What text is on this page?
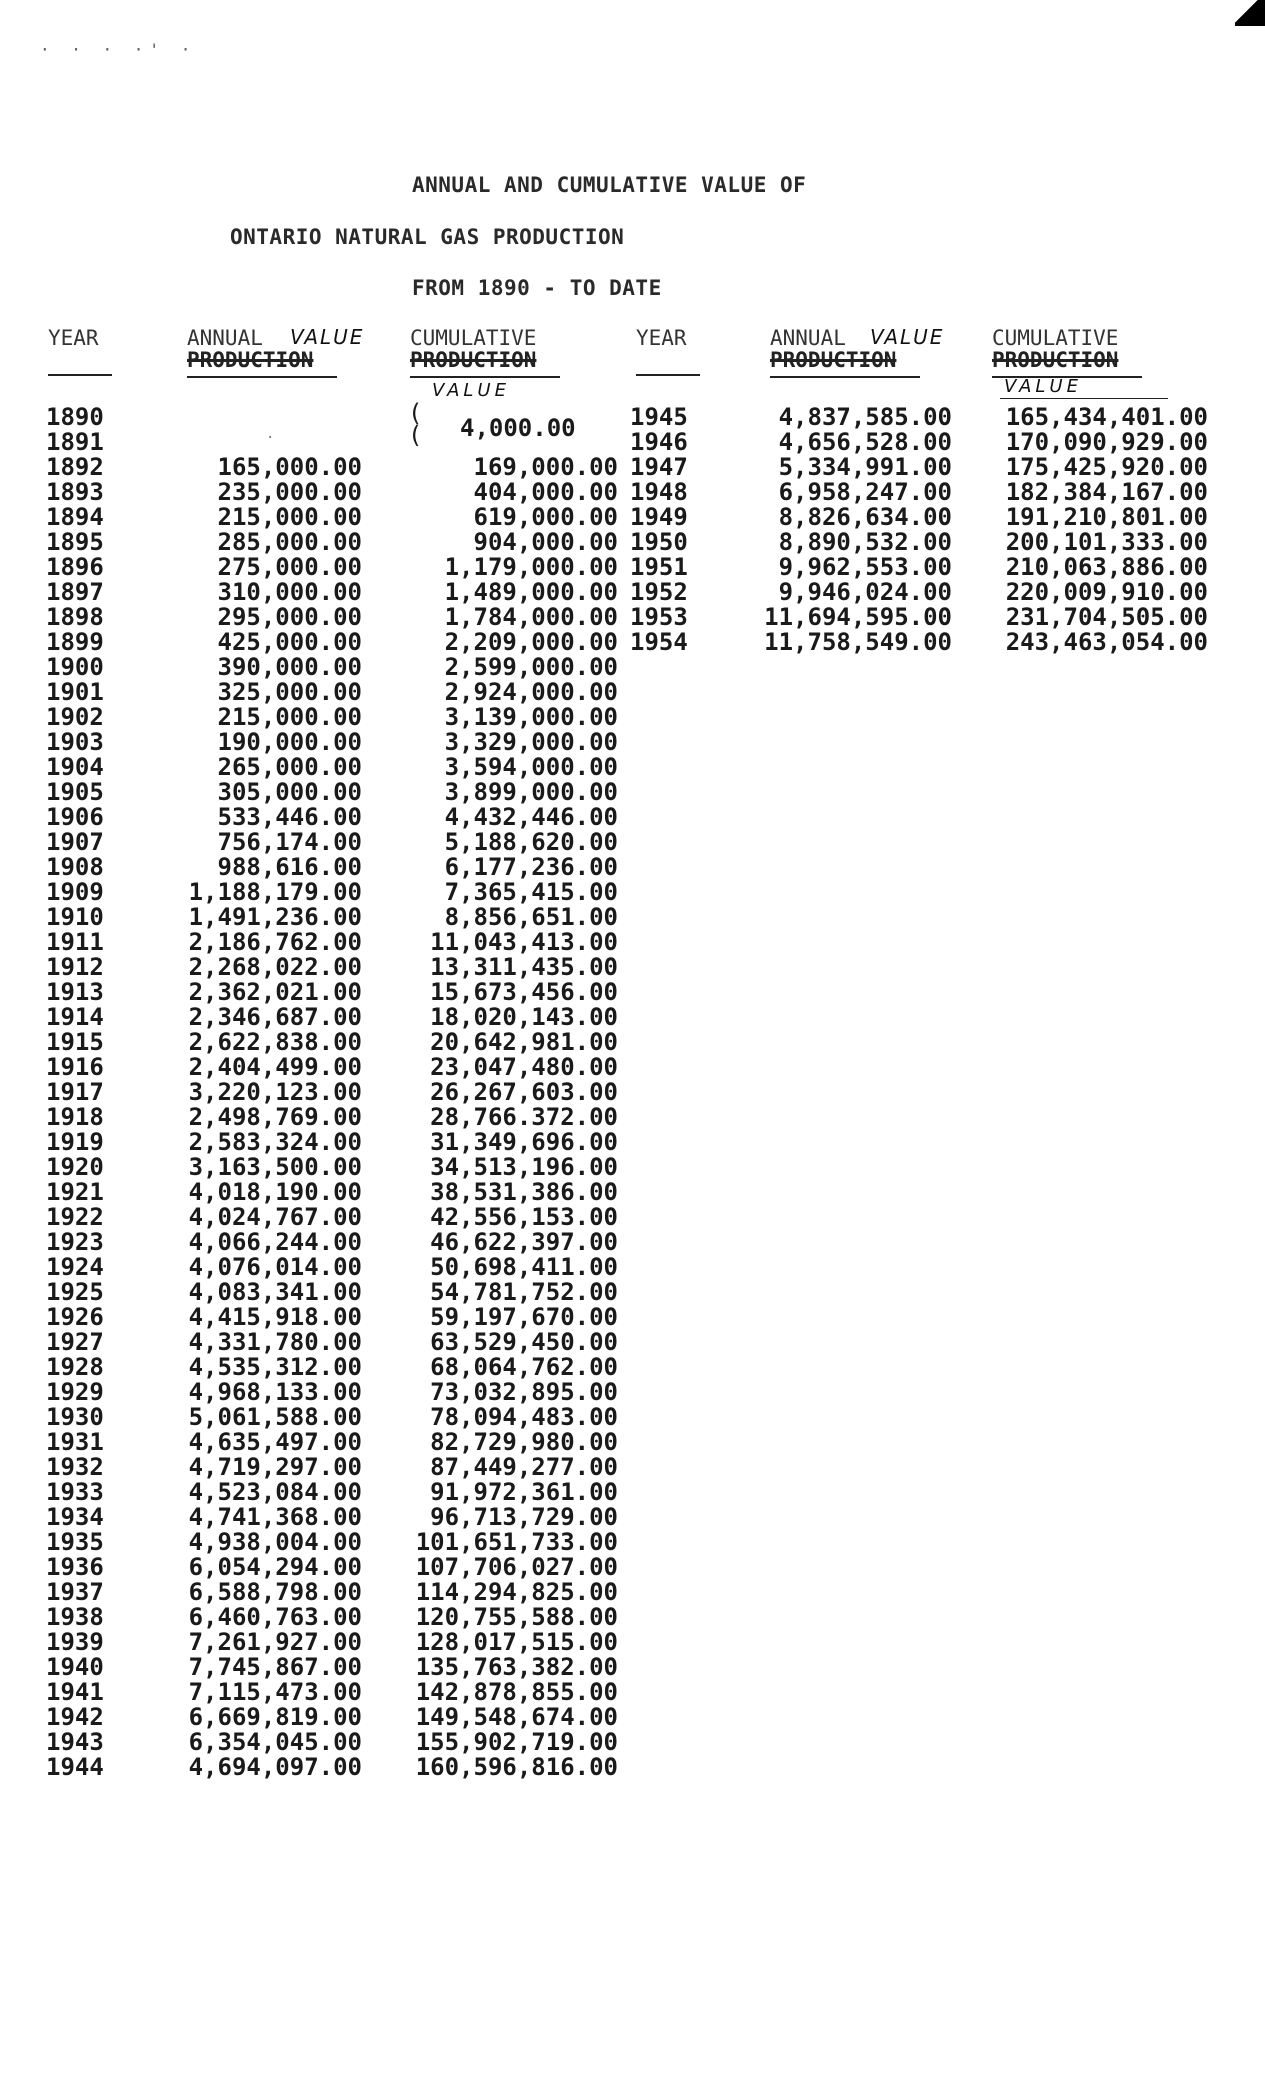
· · · ·' ·
ANNUAL AND CUMULATIVE VALUE OF
ONTARIO NATURAL GAS PRODUCTION
FROM 1890 - TO DATE
YEAR	ANNUAL VALUE
PRODUCTION
CUMULATIVE
PRODUCTION
VALUE
YEAR	ANNUAL VALUE
PRODUCTION
CUMULATIVE
PRODUCTION
VALUE
(
( 4,000.00
·
1890
1891
1892
1893
1894
1895
1896
1897
1898
1899
1900
1901
1902
1903
1904
1905
1906
1907
1908
1909
1910
1911
1912
1913
1914
1915
1916
1917
1918
1919
1920
1921
1922
1923
1924
1925
1926
1927
1928
1929
1930
1931
1932
1933
1934
1935
1936
1937
1938
1939
1940
1941
1942
1943
1944
165,000.00
235,000.00
215,000.00
285,000.00
275,000.00
310,000.00
295,000.00
425,000.00
390,000.00
325,000.00
215,000.00
190,000.00
265,000.00
305,000.00
533,446.00
756,174.00
988,616.00
1,188,179.00
1,491,236.00
2,186,762.00
2,268,022.00
2,362,021.00
2,346,687.00
2,622,838.00
2,404,499.00
3,220,123.00
2,498,769.00
2,583,324.00
3,163,500.00
4,018,190.00
4,024,767.00
4,066,244.00
4,076,014.00
4,083,341.00
4,415,918.00
4,331,780.00
4,535,312.00
4,968,133.00
5,061,588.00
4,635,497.00
4,719,297.00
4,523,084.00
4,741,368.00
4,938,004.00
6,054,294.00
6,588,798.00
6,460,763.00
7,261,927.00
7,745,867.00
7,115,473.00
6,669,819.00
6,354,045.00
4,694,097.00
169,000.00
404,000.00
619,000.00
904,000.00
1,179,000.00
1,489,000.00
1,784,000.00
2,209,000.00
2,599,000.00
2,924,000.00
3,139,000.00
3,329,000.00
3,594,000.00
3,899,000.00
4,432,446.00
5,188,620.00
6,177,236.00
7,365,415.00
8,856,651.00
11,043,413.00
13,311,435.00
15,673,456.00
18,020,143.00
20,642,981.00
23,047,480.00
26,267,603.00
28,766.372.00
31,349,696.00
34,513,196.00
38,531,386.00
42,556,153.00
46,622,397.00
50,698,411.00
54,781,752.00
59,197,670.00
63,529,450.00
68,064,762.00
73,032,895.00
78,094,483.00
82,729,980.00
87,449,277.00
91,972,361.00
96,713,729.00
101,651,733.00
107,706,027.00
114,294,825.00
120,755,588.00
128,017,515.00
135,763,382.00
142,878,855.00
149,548,674.00
155,902,719.00
160,596,816.00
1945
1946
1947
1948
1949
1950
1951
1952
1953
1954
4,837,585.00
4,656,528.00
5,334,991.00
6,958,247.00
8,826,634.00
8,890,532.00
9,962,553.00
9,946,024.00
11,694,595.00
11,758,549.00
165,434,401.00
170,090,929.00
175,425,920.00
182,384,167.00
191,210,801.00
200,101,333.00
210,063,886.00
220,009,910.00
231,704,505.00
243,463,054.00
